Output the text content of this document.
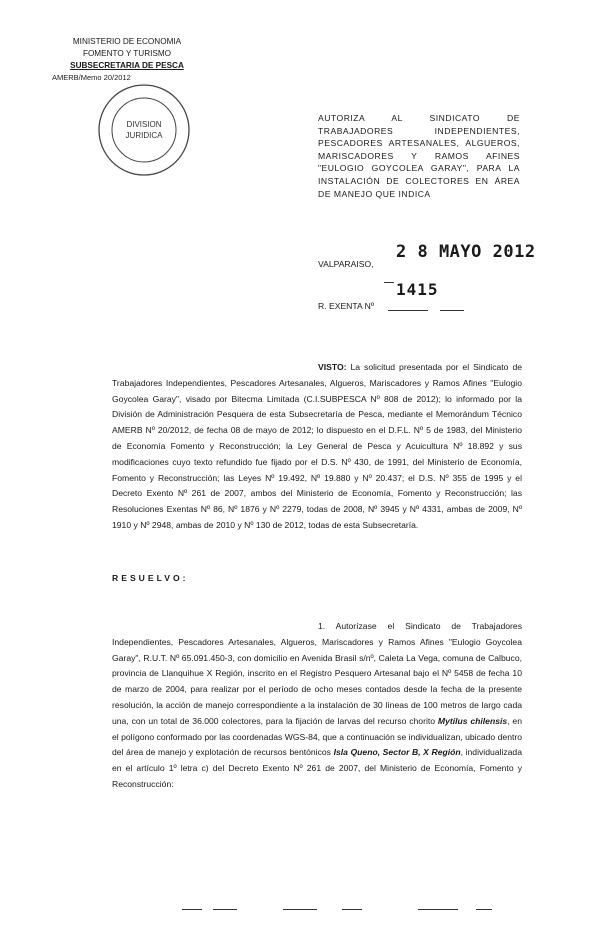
MINISTERIO DE ECONOMIA
FOMENTO Y TURISMO
SUBSECRETARIA DE PESCA
AMERB/Memo 20/2012
DIVISION
JURIDICA
AUTORIZA AL SINDICATO DE TRABAJADORES INDEPENDIENTES, PESCADORES ARTESANALES, ALGUEROS, MARISCADORES Y RAMOS AFINES "EULOGIO GOYCOLEA GARAY", PARA LA INSTALACIÓN DE COLECTORES EN ÁREA DE MANEJO QUE INDICA
VALPARAISO,
2 8 MAYO 2012
R. EXENTA Nº
1415
VISTO: La solicitud presentada por el Sindicato de Trabajadores Independientes, Pescadores Artesanales, Algueros, Mariscadores y Ramos Afines "Eulogio Goycolea Garay", visado por Bitecma Limitada (C.I.SUBPESCA Nº 808 de 2012); lo informado por la División de Administración Pesquera de esta Subsecretaría de Pesca, mediante el Memorándum Técnico AMERB Nº 20/2012, de fecha 08 de mayo de 2012; lo dispuesto en el D.F.L. Nº 5 de 1983, del Ministerio de Economía Fomento y Reconstrucción; la Ley General de Pesca y Acuicultura Nº 18.892 y sus modificaciones cuyo texto refundido fue fijado por el D.S. Nº 430, de 1991, del Ministerio de Economía, Fomento y Reconstrucción; las Leyes Nº 19.492, Nº 19.880 y Nº 20.437; el D.S. Nº 355 de 1995 y el Decreto Exento Nº 261 de 2007, ambos del Ministerio de Economía, Fomento y Reconstrucción; las Resoluciones Exentas Nº 86, Nº 1876 y Nº 2279, todas de 2008, Nº 3945 y Nº 4331, ambas de 2009, Nº 1910 y Nº 2948, ambas de 2010 y Nº 130 de 2012, todas de esta Subsecretaría.
RESUELVO:
1. Autorízase el Sindicato de Trabajadores Independientes, Pescadores Artesanales, Algueros, Mariscadores y Ramos Afines "Eulogio Goycolea Garay", R.U.T. Nº 65.091.450-3, con domicilio en Avenida Brasil s/nº, Caleta La Vega, comuna de Calbuco, provincia de Llanquihue X Región, inscrito en el Registro Pesquero Artesanal bajo el Nº 5458 de fecha 10 de marzo de 2004, para realizar por el período de ocho meses contados desde la fecha de la presente resolución, la acción de manejo correspondiente a la instalación de 30 líneas de 100 metros de largo cada una, con un total de 36.000 colectores, para la fijación de larvas del recurso chorito Mytilus chilensis, en el polígono conformado por las coordenadas WGS-84, que a continuación se individualizan, ubicado dentro del área de manejo y explotación de recursos bentónicos Isla Queno, Sector B, X Región, individualizada en el artículo 1º letra c) del Decreto Exento Nº 261 de 2007, del Ministerio de Economía, Fomento y Reconstrucción:
